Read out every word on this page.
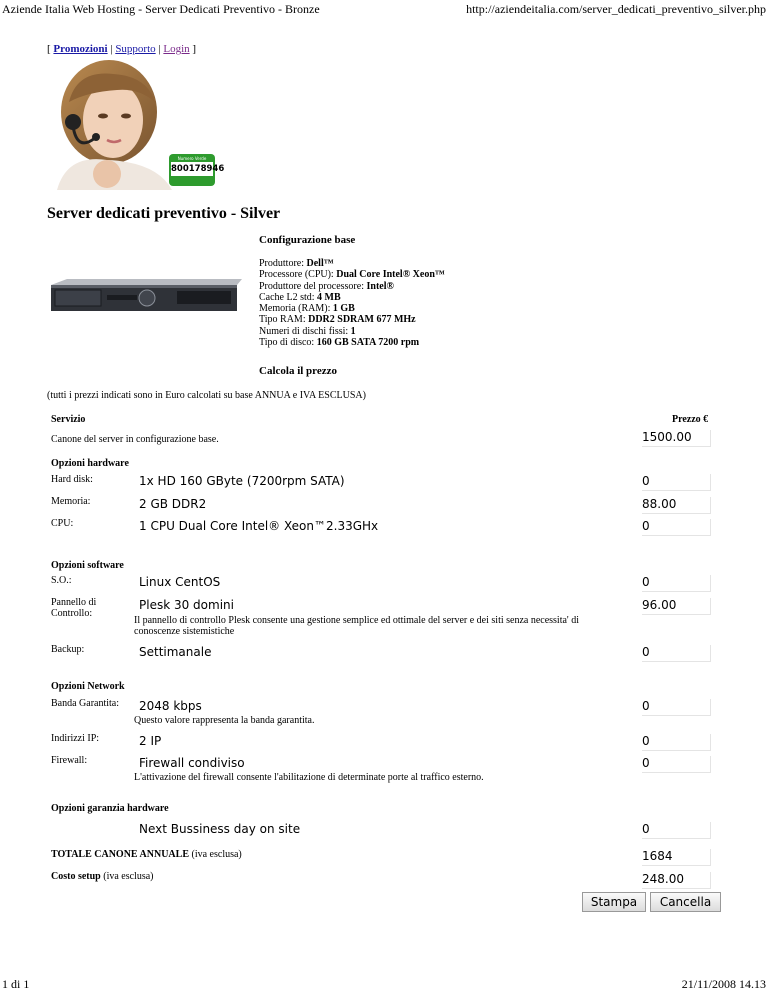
Aziende Italia Web Hosting - Server Dedicati Preventivo - Bronze	http://aziendeitalia.com/server_dedicati_preventivo_silver.php
[ Promozioni | Supporto | Login ]
Numero Verde
800178946
Server dedicati preventivo - Silver
Configurazione base
Produttore: Dell™
Processore (CPU): Dual Core Intel® Xeon™
Produttore del processore: Intel®
Cache L2 std: 4 MB
Memoria (RAM): 1 GB
Tipo RAM: DDR2 SDRAM 677 MHz
Numeri di dischi fissi: 1
Tipo di disco: 160 GB SATA 7200 rpm
Calcola il prezzo
(tutti i prezzi indicati sono in Euro calcolati su base ANNUA e IVA ESCLUSA)
Servizio	Prezzo €
Canone del server in configurazione base.	1500.00
Opzioni hardware
Hard disk:	1x HD 160 GByte (7200rpm SATA)	0
Memoria:	2 GB DDR2	88.00
CPU:	1 CPU Dual Core Intel® Xeon™2.33GHx	0
Opzioni software
S.O.:	Linux CentOS	0
Pannello di
Controllo:
Plesk 30 domini	96.00
Il pannello di controllo Plesk consente una gestione semplice ed ottimale del server e dei siti senza necessita' di
conoscenze sistemistiche
Backup:	Settimanale	0
Opzioni Network
Banda Garantita: 2048 kbps	0
Questo valore rappresenta la banda garantita.
Indirizzi IP:	2 IP	0
Firewall:	Firewall condiviso	0
L'attivazione del firewall consente l'abilitazione di determinate porte al traffico esterno.
Opzioni garanzia hardware
Next Bussiness day on site	0
TOTALE CANONE ANNUALE (iva esclusa)	1684
Costo setup (iva esclusa)	248.00
Stampa	Cancella
1 di 1	21/11/2008 14.13
